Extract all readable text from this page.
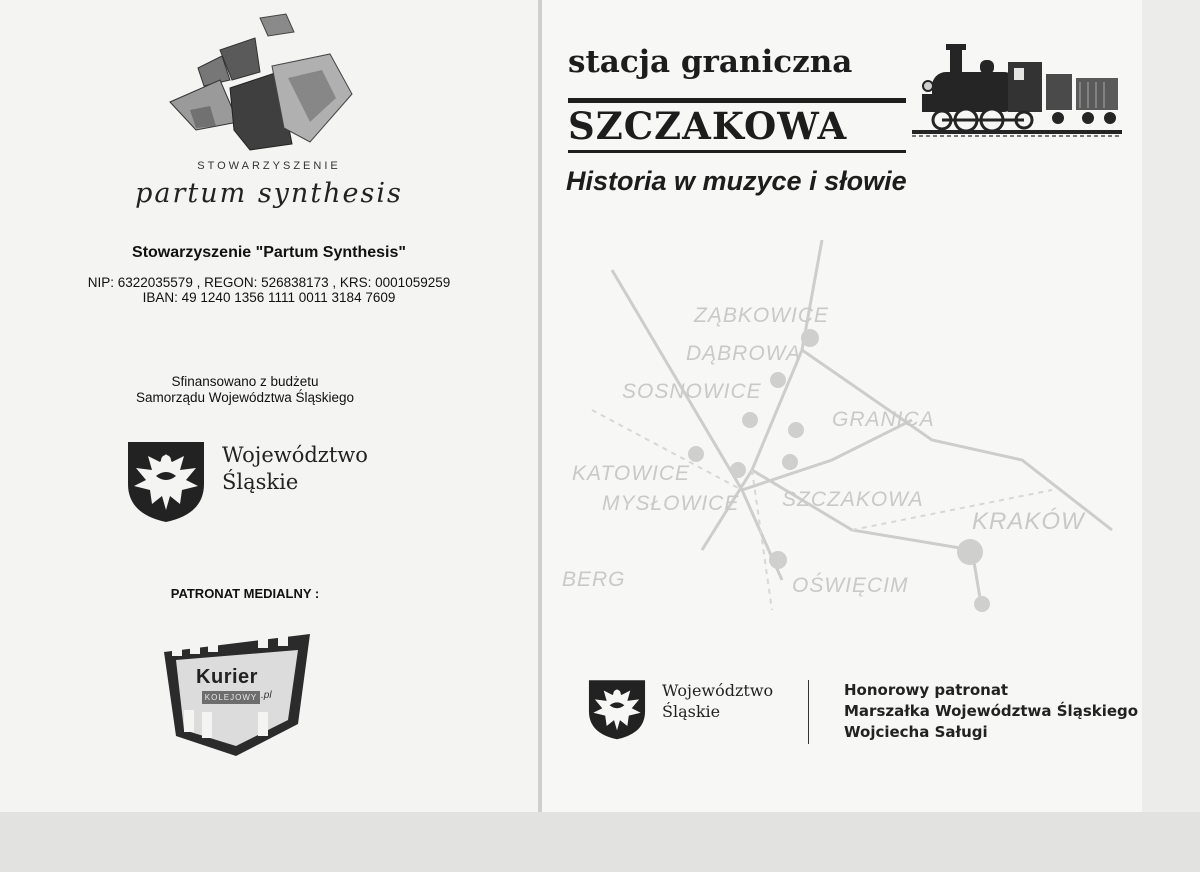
STOWARZYSZENIE
partum synthesis
Stowarzyszenie "Partum Synthesis"
NIP: 6322035579 , REGON: 526838173 , KRS: 0001059259
IBAN: 49 1240 1356 1111 0011 3184 7609
Sfinansowano z budżetu
Samorządu Województwa Śląskiego
Województwo
Śląskie
PATRONAT MEDIALNY :
Kurier
KOLEJOWY .pl
stacja graniczna
SZCZAKOWA
Historia w muzyce i słowie
ZĄBKOWICE
DĄBROWA
SOSNOWICE
GRANICA
KATOWICE
MYSŁOWICE SZCZAKOWA
KRAKÓW
BERG	OŚWIĘCIM
Województwo
Śląskie
Honorowy patronat
Marszałka Województwa Śląskiego
Wojciecha Saługi
